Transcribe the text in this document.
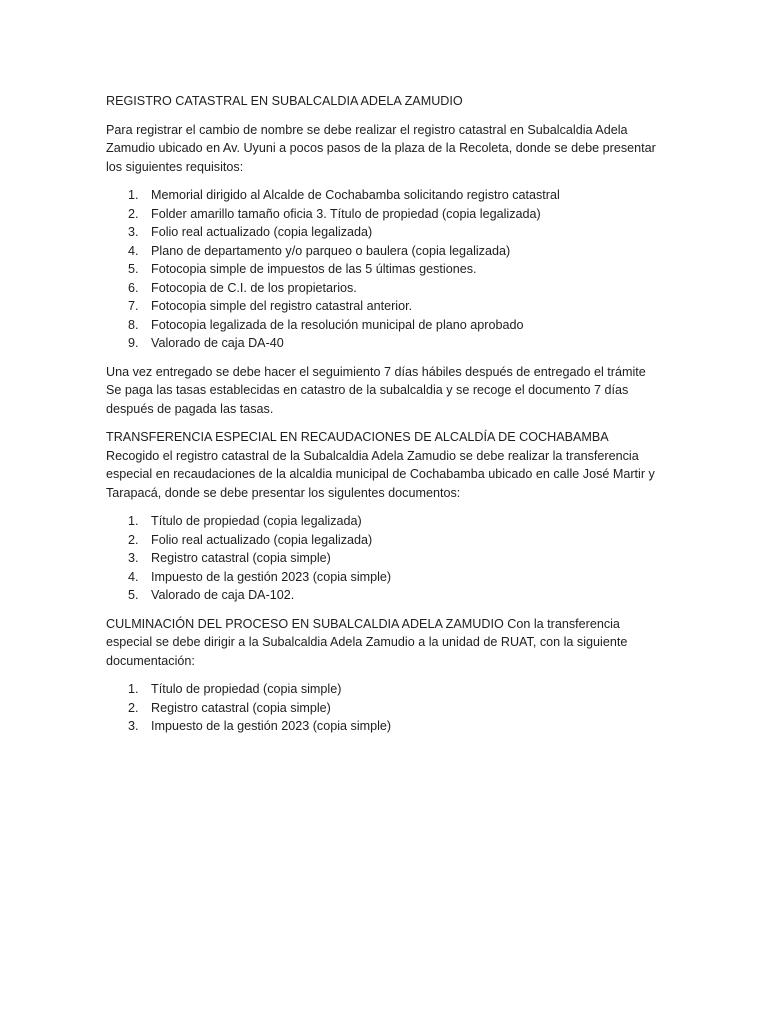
REGISTRO CATASTRAL EN SUBALCALDIA ADELA ZAMUDIO

Para registrar el cambio de nombre se debe realizar el registro catastral en Subalcaldia Adela Zamudio ubicado en Av. Uyuni a pocos pasos de la plaza de la Recoleta, donde se debe presentar los siguientes requisitos:

1. Memorial dirigido al Alcalde de Cochabamba solicitando registro catastral
2. Folder amarillo tamaño oficia 3. Título de propiedad (copia legalizada)
3. Folio real actualizado (copia legalizada)
4. Plano de departamento y/o parqueo o baulera (copia legalizada)
5. Fotocopia simple de impuestos de las 5 últimas gestiones.
6. Fotocopia de C.I. de los propietarios.
7. Fotocopia simple del registro catastral anterior.
8. Fotocopia legalizada de la resolución municipal de plano aprobado
9. Valorado de caja DA-40

Una vez entregado se debe hacer el seguimiento 7 días hábiles después de entregado el trámite Se paga las tasas establecidas en catastro de la subalcaldia y se recoge el documento 7 días después de pagada las tasas.

TRANSFERENCIA ESPECIAL EN RECAUDACIONES DE ALCALDÍA DE COCHABAMBA Recogido el registro catastral de la Subalcaldia Adela Zamudio se debe realizar la transferencia especial en recaudaciones de la alcaldia municipal de Cochabamba ubicado en calle José Martir y Tarapacá, donde se debe presentar los sigulentes documentos:

1. Título de propiedad (copia legalizada)
2. Folio real actualizado (copia legalizada)
3. Registro catastral (copia simple)
4. Impuesto de la gestión 2023 (copia simple)
5. Valorado de caja DA-102.

CULMINACIÓN DEL PROCESO EN SUBALCALDIA ADELA ZAMUDIO Con la transferencia especial se debe dirigir a la Subalcaldia Adela Zamudio a la unidad de RUAT, con la siguiente documentación:

1. Título de propiedad (copia simple)
2. Registro catastral (copia simple)
3. Impuesto de la gestión 2023 (copia simple)
